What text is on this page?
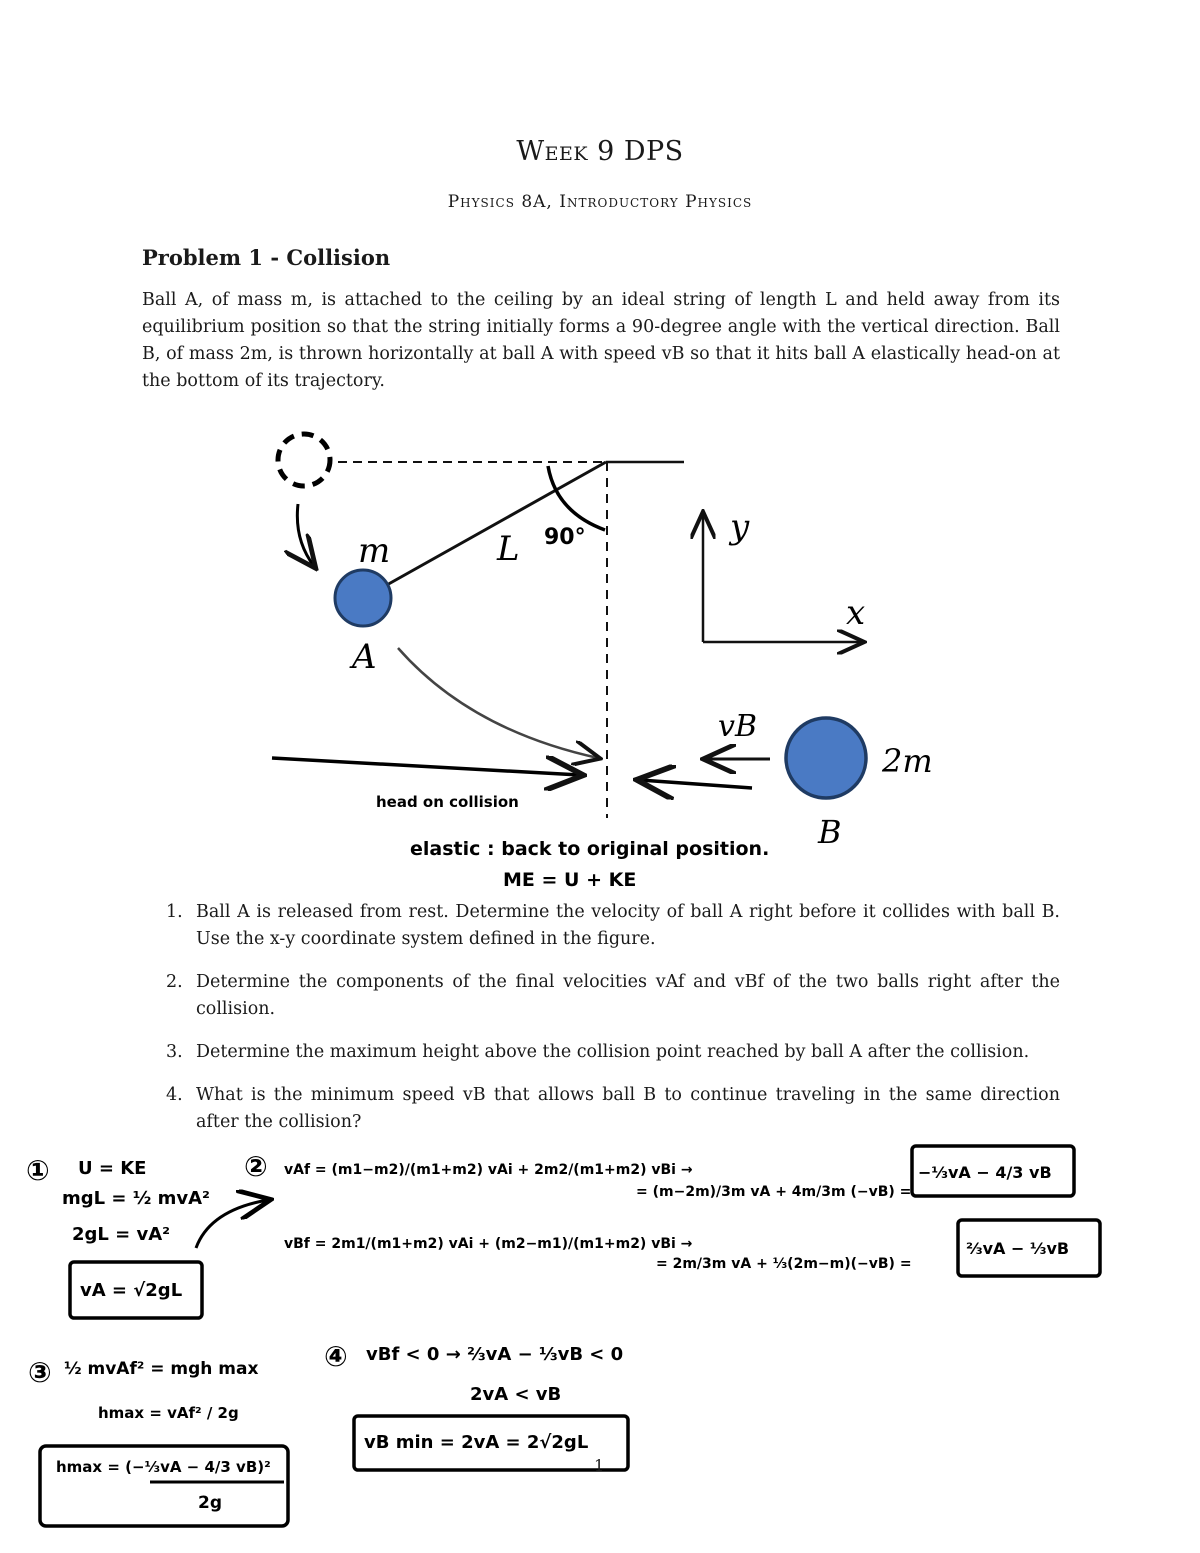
Week 9 DPS
Physics 8A, Introductory Physics
Problem 1 - Collision

Ball A, of mass m, is attached to the ceiling by an ideal string of length L and held away from its equilibrium position so that the string initially forms a 90-degree angle with the vertical direction. Ball B, of mass 2m, is thrown horizontally at ball A with speed vB so that it hits ball A elastically head-on at the bottom of its trajectory.

m	L
A
90°	y
x
vB
2m
B
head on collision
elastic : back to original position.
ME = U + KE
1. Ball A is released from rest. Determine the velocity of ball A right before it collides with ball B. Use the x-y coordinate system defined in the figure.
2. Determine the components of the final velocities vAf and vBf of the two balls right after the collision.
3. Determine the maximum height above the collision point reached by ball A after the collision.
4. What is the minimum speed vB that allows ball B to continue traveling in the same direction after the collision?
① U = KE
mgL = ½ mvA²
2gL = vA²
vA = √2gL
② vAf = (m1−m2)/(m1+m2) vAi + 2m2/(m1+m2) vBi →
= (m−2m)/3m vA + 4m/3m (−vB) =
−⅓vA − 4/3 vB
vBf = 2m1/(m1+m2) vAi + (m2−m1)/(m1+m2) vBi →
= 2m/3m vA + ⅓(2m−m)(−vB) =
⅔vA − ⅓vB
③ ½ mvAf² = mgh max
hmax = vAf² / 2g
hmax = (−⅓vA − 4/3 vB)²
2g
④ vBf < 0 → ⅔vA − ⅓vB < 0
2vA < vB
vB min = 2vA = 2√2gL
1
